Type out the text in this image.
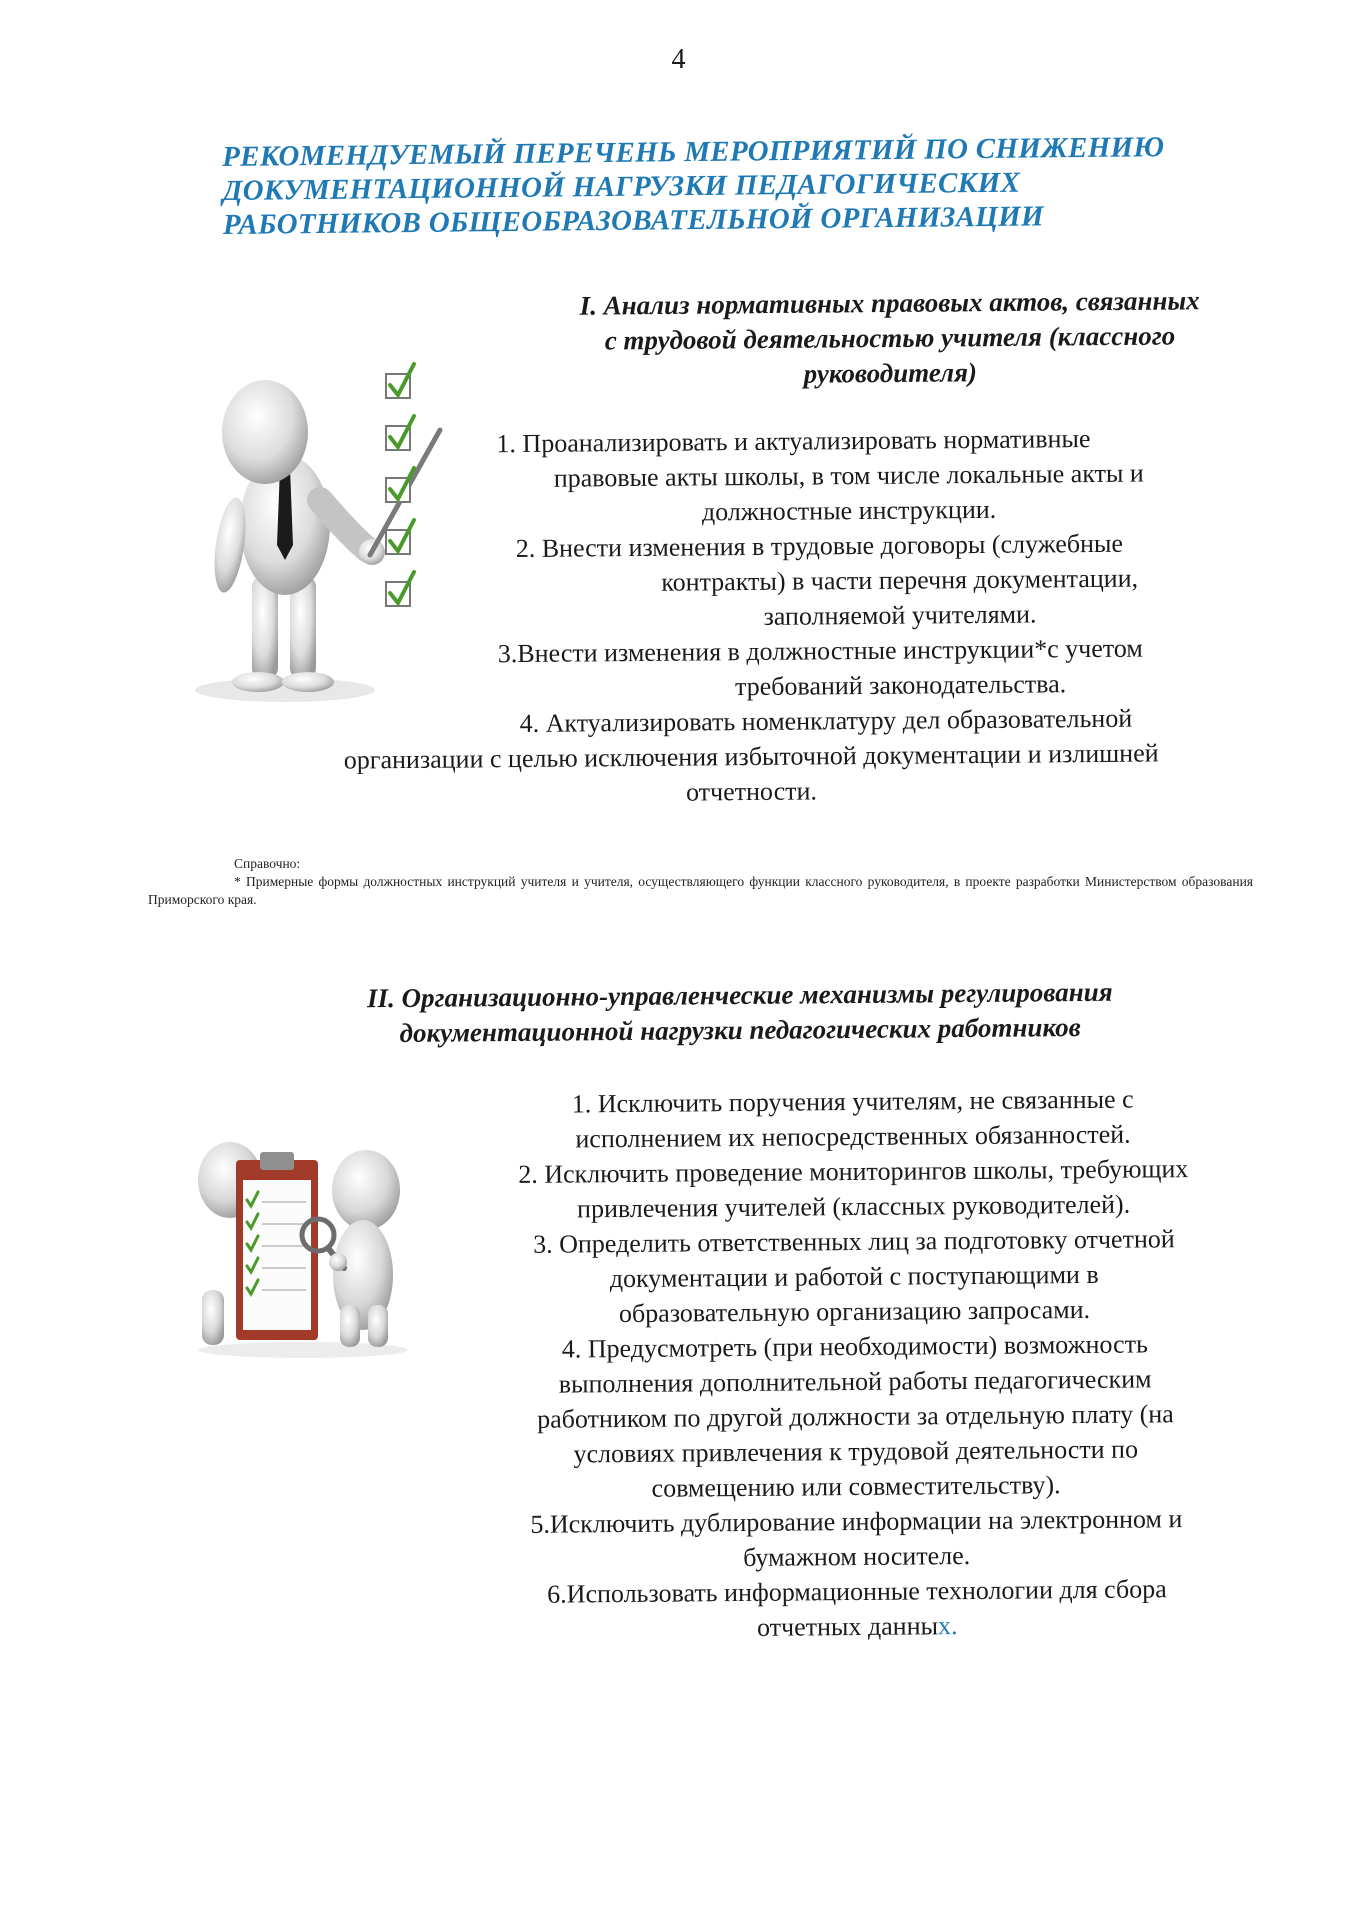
4
РЕКОМЕНДУЕМЫЙ ПЕРЕЧЕНЬ МЕРОПРИЯТИЙ ПО СНИЖЕНИЮ
ДОКУМЕНТАЦИОННОЙ НАГРУЗКИ ПЕДАГОГИЧЕСКИХ
РАБОТНИКОВ ОБЩЕОБРАЗОВАТЕЛЬНОЙ ОРГАНИЗАЦИИ
I. Анализ нормативных правовых актов, связанных
с трудовой деятельностью учителя (классного
руководителя)
1. Проанализировать и актуализировать нормативные
правовые акты школы, в том числе локальные акты и
должностные инструкции.
2. Внести изменения в трудовые договоры (служебные
контракты) в части перечня документации,
заполняемой учителями.
3.Внести изменения в должностные инструкции*с учетом
требований законодательства.
4. Актуализировать номенклатуру дел образовательной
организации с целью исключения избыточной документации и излишней
отчетности.
Справочно:
* Примерные формы должностных инструкций учителя и учителя, осуществляющего функции классного руководителя, в проекте разработки Министерством образования Приморского края.
II. Организационно-управленческие механизмы регулирования
документационной нагрузки педагогических работников
1. Исключить поручения учителям, не связанные с
исполнением их непосредственных обязанностей.
2. Исключить проведение мониторингов школы, требующих
привлечения учителей (классных руководителей).
3. Определить ответственных лиц за подготовку отчетной
документации и работой с поступающими в
образовательную организацию запросами.
4. Предусмотреть (при необходимости) возможность
выполнения дополнительной работы педагогическим
работником по другой должности за отдельную плату (на
условиях привлечения к трудовой деятельности по
совмещению или совместительству).
5.Исключить дублирование информации на электронном и
бумажном носителе.
6.Использовать информационные технологии для сбора
отчетных данных.
